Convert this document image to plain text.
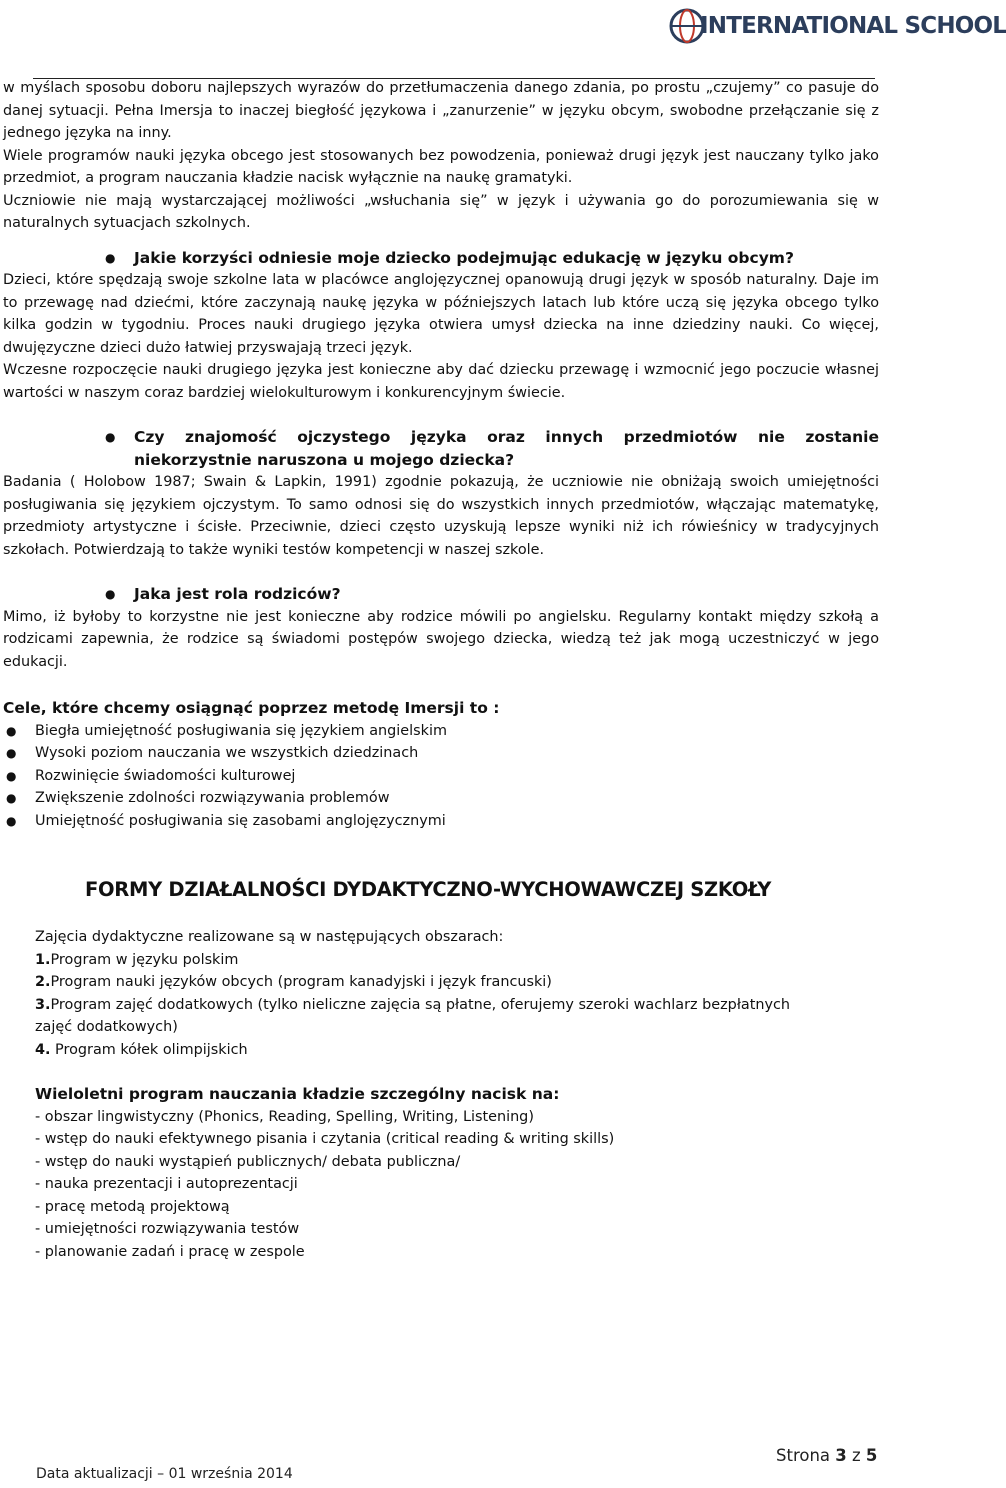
INTERNATIONAL SCHOOL

w myślach sposobu doboru najlepszych wyrazów do przetłumaczenia danego zdania, po prostu „czujemy” co pasuje do danej sytuacji. Pełna Imersja to inaczej biegłość językowa i „zanurzenie” w języku obcym, swobodne przełączanie się z jednego języka na inny.

Wiele programów nauki języka obcego jest stosowanych bez powodzenia, ponieważ drugi język jest nauczany tylko jako przedmiot, a program nauczania kładzie nacisk wyłącznie na naukę gramatyki.

Uczniowie nie mają wystarczającej możliwości „wsłuchania się” w język i używania go do porozumiewania się w naturalnych sytuacjach szkolnych.

●	Jakie korzyści odniesie moje dziecko podejmując edukację w języku obcym?

Dzieci, które spędzają swoje szkolne lata w placówce anglojęzycznej opanowują drugi język w sposób naturalny. Daje im to przewagę nad dziećmi, które zaczynają naukę języka w późniejszych latach lub które uczą się języka obcego tylko kilka godzin w tygodniu. Proces nauki drugiego języka otwiera umysł dziecka na inne dziedziny nauki. Co więcej, dwujęzyczne dzieci dużo łatwiej przyswajają trzeci język.

Wczesne rozpoczęcie nauki drugiego języka jest konieczne aby dać dziecku przewagę i wzmocnić jego poczucie własnej wartości w naszym coraz bardziej wielokulturowym i konkurencyjnym świecie.

●	Czy znajomość ojczystego języka oraz innych przedmiotów nie zostanie niekorzystnie naruszona u mojego dziecka?

Badania ( Holobow 1987; Swain & Lapkin, 1991) zgodnie pokazują, że uczniowie nie obniżają swoich umiejętności posługiwania się językiem ojczystym. To samo odnosi się do wszystkich innych przedmiotów, włączając matematykę, przedmioty artystyczne i ścisłe. Przeciwnie, dzieci często uzyskują lepsze wyniki niż ich rówieśnicy w tradycyjnych szkołach. Potwierdzają to także wyniki testów kompetencji w naszej szkole.

●	Jaka jest rola rodziców?

Mimo, iż byłoby to korzystne nie jest konieczne aby rodzice mówili po angielsku. Regularny kontakt między szkołą a rodzicami zapewnia, że rodzice są świadomi postępów swojego dziecka, wiedzą też jak mogą uczestniczyć w jego edukacji.

Cele, które chcemy osiągnąć poprzez metodę Imersji to :

●	Biegła umiejętność posługiwania się językiem angielskim
●	Wysoki poziom nauczania we wszystkich dziedzinach
●	Rozwinięcie świadomości kulturowej
●	Zwiększenie zdolności rozwiązywania problemów
●	Umiejętność posługiwania się zasobami anglojęzycznymi
FORMY DZIAŁALNOŚCI DYDAKTYCZNO-WYCHOWAWCZEJ SZKOŁY
Zajęcia dydaktyczne realizowane są w następujących obszarach:
1.Program w języku polskim
2.Program nauki języków obcych (program kanadyjski i język francuski)
3.Program zajęć dodatkowych (tylko nieliczne zajęcia są płatne, oferujemy szeroki wachlarz bezpłatnych zajęć dodatkowych)
4. Program kółek olimpijskich
Wieloletni program nauczania kładzie szczególny nacisk na:
- obszar lingwistyczny (Phonics, Reading, Spelling, Writing, Listening)
- wstęp do nauki efektywnego pisania i czytania (critical reading & writing skills)
- wstęp do nauki wystąpień publicznych/ debata publiczna/
- nauka prezentacji i autoprezentacji
- pracę metodą projektową
- umiejętności rozwiązywania testów
- planowanie zadań i pracę w zespole
Strona 3 z 5
Data aktualizacji – 01 września 2014
